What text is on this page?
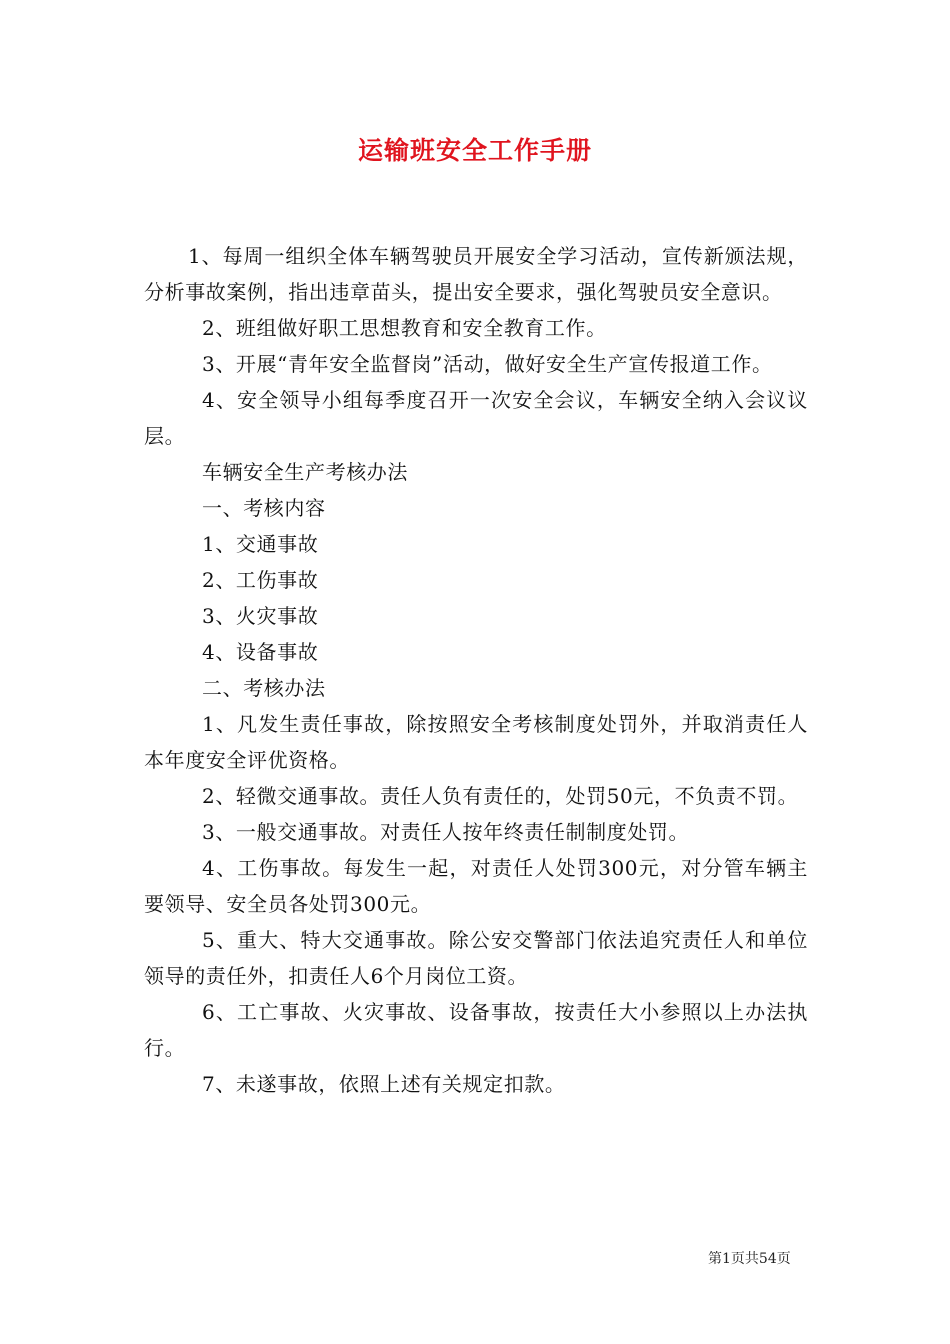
运输班安全工作手册

1、每周一组织全体车辆驾驶员开展安全学习活动，宣传新颁法规，分析事故案例，指出违章苗头，提出安全要求，强化驾驶员安全意识。

2、班组做好职工思想教育和安全教育工作。

3、开展“青年安全监督岗”活动，做好安全生产宣传报道工作。

4、安全领导小组每季度召开一次安全会议，车辆安全纳入会议议层。

车辆安全生产考核办法

一、考核内容

1、交通事故

2、工伤事故

3、火灾事故

4、设备事故

二、考核办法

1、凡发生责任事故，除按照安全考核制度处罚外，并取消责任人本年度安全评优资格。

2、轻微交通事故。责任人负有责任的，处罚50元，不负责不罚。

3、一般交通事故。对责任人按年终责任制制度处罚。

4、工伤事故。每发生一起，对责任人处罚300元，对分管车辆主要领导、安全员各处罚300元。

5、重大、特大交通事故。除公安交警部门依法追究责任人和单位领导的责任外，扣责任人6个月岗位工资。

6、工亡事故、火灾事故、设备事故，按责任大小参照以上办法执行。

7、未遂事故，依照上述有关规定扣款。

第1页共54页
